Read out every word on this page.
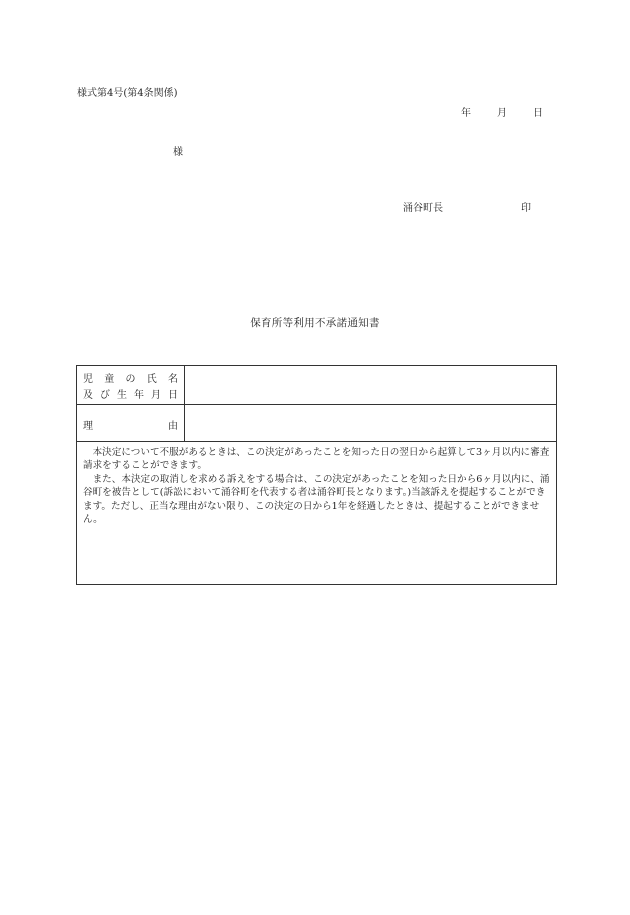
様式第4号(第4条関係)
年	月	日
様
涌谷町長	印
保育所等利用不承諾通知書
児 童 の 氏 名
及 び 生 年 月 日
理	由

本決定について不服があるときは、この決定があったことを知った日の翌日から起算して3ヶ月以内に審査請求をすることができます。

また、本決定の取消しを求める訴えをする場合は、この決定があったことを知った日から6ヶ月以内に、涌谷町を被告として(訴訟において涌谷町を代表する者は涌谷町長となります。)当該訴えを提起することができます。ただし、正当な理由がない限り、この決定の日から1年を経過したときは、提起することができません。
